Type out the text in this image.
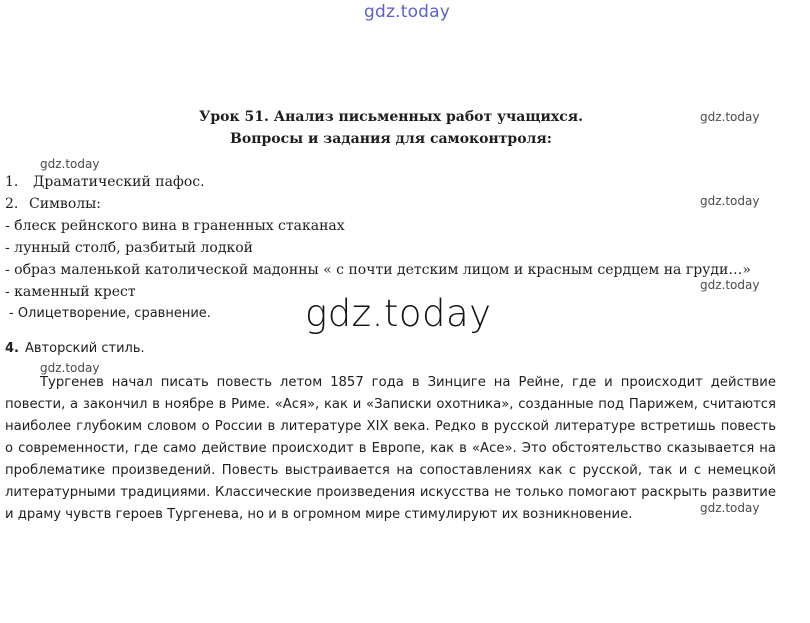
gdz.today
gdz.today
gdz.today
gdz.today
gdz.today
gdz.today
gdz.today
gdz.today
Урок 51. Анализ письменных работ учащихся.
Вопросы и задания для самоконтроля:
1. Драматический пафос.
2. Символы:
- блеск рейнского вина в граненных стаканах
- лунный столб, разбитый лодкой
- образ маленькой католической мадонны « с почти детским лицом и красным сердцем на груди…»
- каменный крест
- Олицетворение, сравнение.
4. Авторский стиль.

Тургенев начал писать повесть летом 1857 года в Зинциге на Рейне, где и происходит действие повести, а закончил в ноябре в Риме. «Ася», как и «Записки охотника», созданные под Парижем, считаются наиболее глубоким словом о России в литературе XIX века. Редко в русской литературе встретишь повесть о современности, где само действие происходит в Европе, как в «Асе». Это обстоятельство сказывается на проблематике произведений. Повесть выстраивается на сопоставлениях как с русской, так и с немецкой литературными традициями. Классические произведения искусства не только помогают раскрыть развитие и драму чувств героев Тургенева, но и в огромном мире стимулируют их возникновение.
